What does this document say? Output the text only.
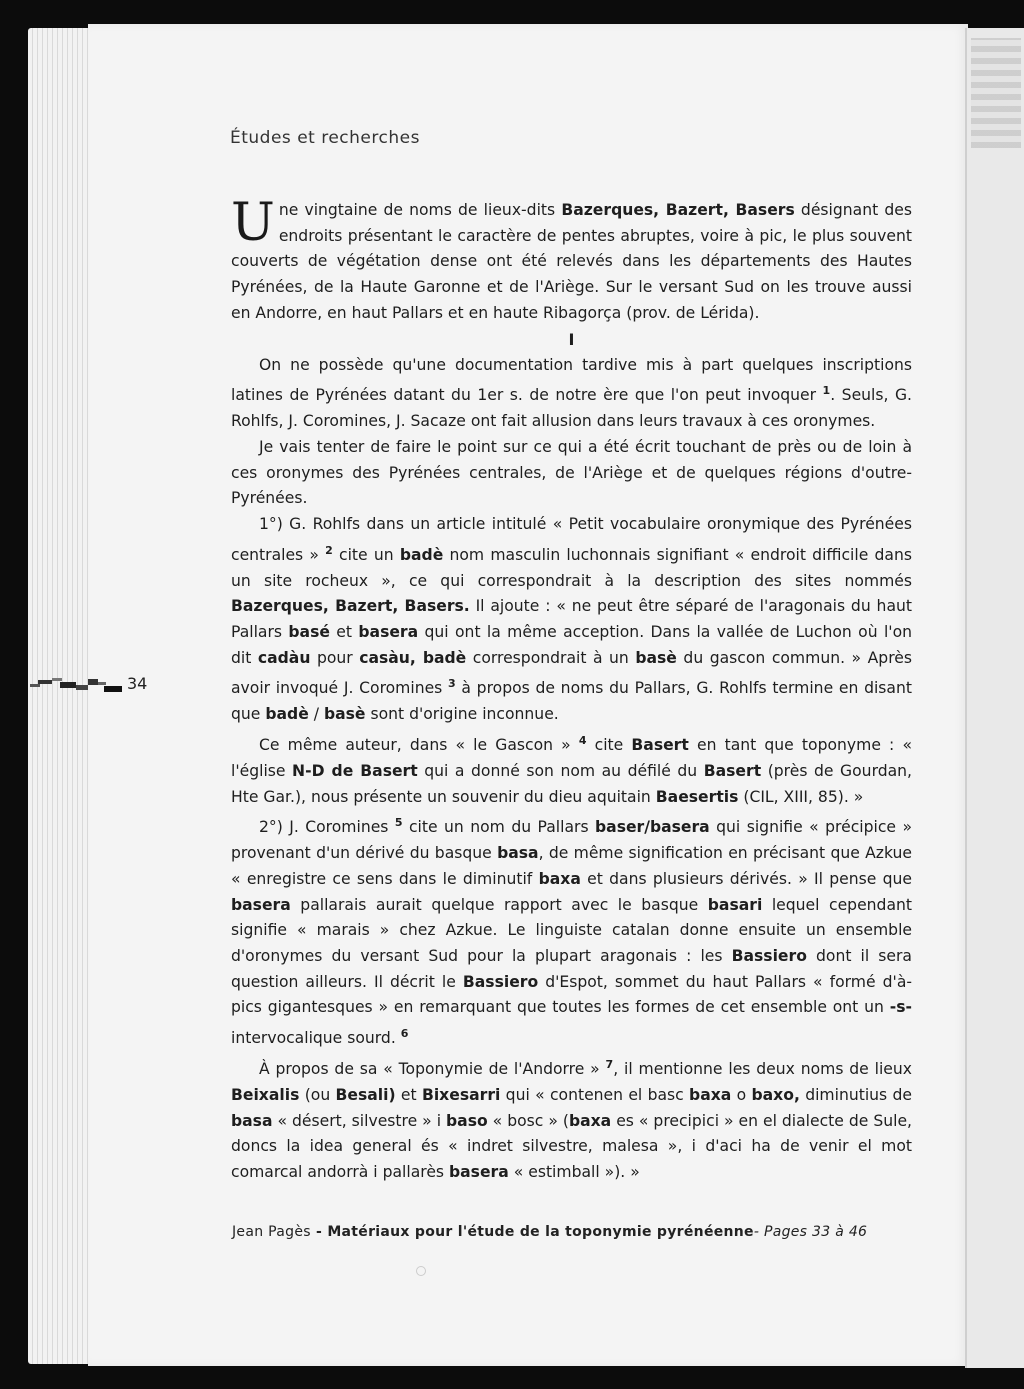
34
Études et recherches

U ne vingtaine de noms de lieux-dits Bazerques, Bazert, Basers désignant des endroits présentant le caractère de pentes abruptes, voire à pic, le plus souvent couverts de végétation dense ont été relevés dans les départements des Hautes Pyrénées, de la Haute Garonne et de l'Ariège. Sur le versant Sud on les trouve aussi en Andorre, en haut Pallars et en haute Ribagorça (prov. de Lérida).

I

On ne possède qu'une documentation tardive mis à part quelques inscriptions latines de Pyrénées datant du 1er s. de notre ère que l'on peut invoquer $^1$. Seuls, G. Rohlfs, J. Coromines, J. Sacaze ont fait allusion dans leurs travaux à ces oronymes.

Je vais tenter de faire le point sur ce qui a été écrit touchant de près ou de loin à ces oronymes des Pyrénées centrales, de l'Ariège et de quelques régions d'outre-Pyrénées.

1°) G. Rohlfs dans un article intitulé « Petit vocabulaire oronymique des Pyrénées centrales » $^2$ cite un badè nom masculin luchonnais signifiant « endroit difficile dans un site rocheux », ce qui correspondrait à la description des sites nommés Bazerques, Bazert, Basers. Il ajoute : « ne peut être séparé de l'aragonais du haut Pallars basé et basera qui ont la même acception. Dans la vallée de Luchon où l'on dit cadàu pour casàu, badè correspondrait à un basè du gascon commun. » Après avoir invoqué J. Coromines $^3$ à propos de noms du Pallars, G. Rohlfs termine en disant que badè / basè sont d'origine inconnue.

Ce même auteur, dans « le Gascon » $^4$ cite Basert en tant que toponyme : « l'église N-D de Basert qui a donné son nom au défilé du Basert (près de Gourdan, Hte Gar.), nous présente un souvenir du dieu aquitain Baesertis (CIL, XIII, 85). »

2°) J. Coromines $^5$ cite un nom du Pallars baser/basera qui signifie « précipice » provenant d'un dérivé du basque basa, de même signification en précisant que Azkue « enregistre ce sens dans le diminutif baxa et dans plusieurs dérivés. » Il pense que basera pallarais aurait quelque rapport avec le basque basari lequel cependant signifie « marais » chez Azkue. Le linguiste catalan donne ensuite un ensemble d'oronymes du versant Sud pour la plupart aragonais : les Bassiero dont il sera question ailleurs. Il décrit le Bassiero d'Espot, sommet du haut Pallars « formé d'à-pics gigantesques » en remarquant que toutes les formes de cet ensemble ont un -s- intervocalique sourd. $^6$

À propos de sa « Toponymie de l'Andorre » $^7$, il mentionne les deux noms de lieux Beixalis (ou Besali) et Bixesarri qui « contenen el basc baxa o baxo, diminutius de basa « désert, silvestre » i baso « bosc » (baxa es « precipici » en el dialecte de Sule, doncs la idea general és « indret silvestre, malesa », i d'aci ha de venir el mot comarcal andorrà i pallarès basera « estimball »). »

Jean Pagès - Matériaux pour l'étude de la toponymie pyrénéenne- Pages 33 à 46
